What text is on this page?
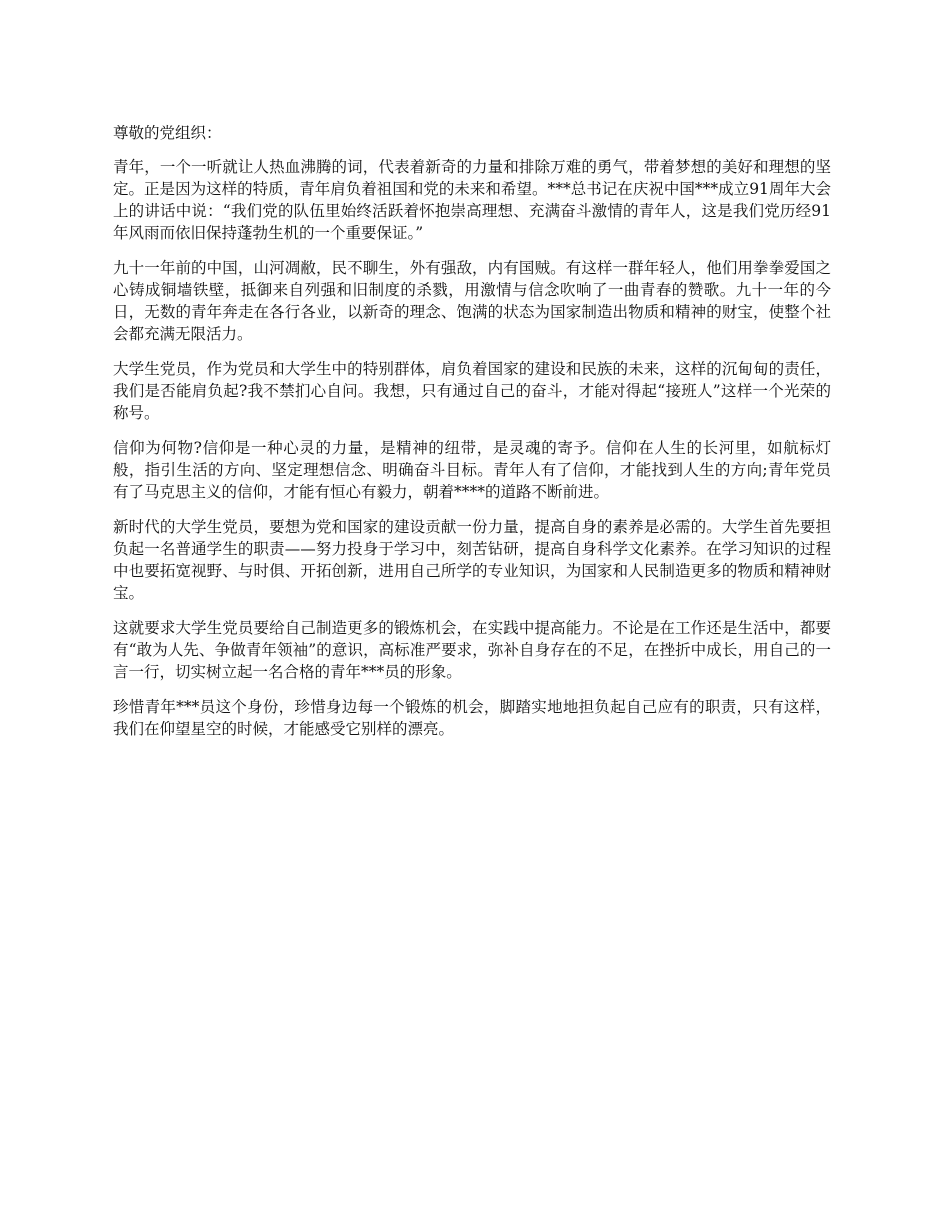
尊敬的党组织：

青年，一个一听就让人热血沸腾的词，代表着新奇的力量和排除万难的勇气，带着梦想的美好和理想的坚定。正是因为这样的特质，青年肩负着祖国和党的未来和希望。***总书记在庆祝中国***成立91周年大会上的讲话中说：“我们党的队伍里始终活跃着怀抱崇高理想、充满奋斗激情的青年人，这是我们党历经91年风雨而依旧保持蓬勃生机的一个重要保证。”

九十一年前的中国，山河凋敝，民不聊生，外有强敌，内有国贼。有这样一群年轻人，他们用拳拳爱国之心铸成铜墙铁壁，抵御来自列强和旧制度的杀戮，用激情与信念吹响了一曲青春的赞歌。九十一年的今日，无数的青年奔走在各行各业，以新奇的理念、饱满的状态为国家制造出物质和精神的财宝，使整个社会都充满无限活力。

大学生党员，作为党员和大学生中的特别群体，肩负着国家的建设和民族的未来，这样的沉甸甸的责任，我们是否能肩负起?我不禁扪心自问。我想，只有通过自己的奋斗，才能对得起“接班人”这样一个光荣的称号。

信仰为何物?信仰是一种心灵的力量，是精神的纽带，是灵魂的寄予。信仰在人生的长河里，如航标灯般，指引生活的方向、坚定理想信念、明确奋斗目标。青年人有了信仰，才能找到人生的方向;青年党员有了马克思主义的信仰，才能有恒心有毅力，朝着****的道路不断前进。

新时代的大学生党员，要想为党和国家的建设贡献一份力量，提高自身的素养是必需的。大学生首先要担负起一名普通学生的职责——努力投身于学习中，刻苦钻研，提高自身科学文化素养。在学习知识的过程中也要拓宽视野、与时俱、开拓创新，进用自己所学的专业知识，为国家和人民制造更多的物质和精神财宝。

这就要求大学生党员要给自己制造更多的锻炼机会，在实践中提高能力。不论是在工作还是生活中，都要有“敢为人先、争做青年领袖”的意识，高标准严要求，弥补自身存在的不足，在挫折中成长，用自己的一言一行，切实树立起一名合格的青年***员的形象。

珍惜青年***员这个身份，珍惜身边每一个锻炼的机会，脚踏实地地担负起自己应有的职责，只有这样，我们在仰望星空的时候，才能感受它别样的漂亮。
